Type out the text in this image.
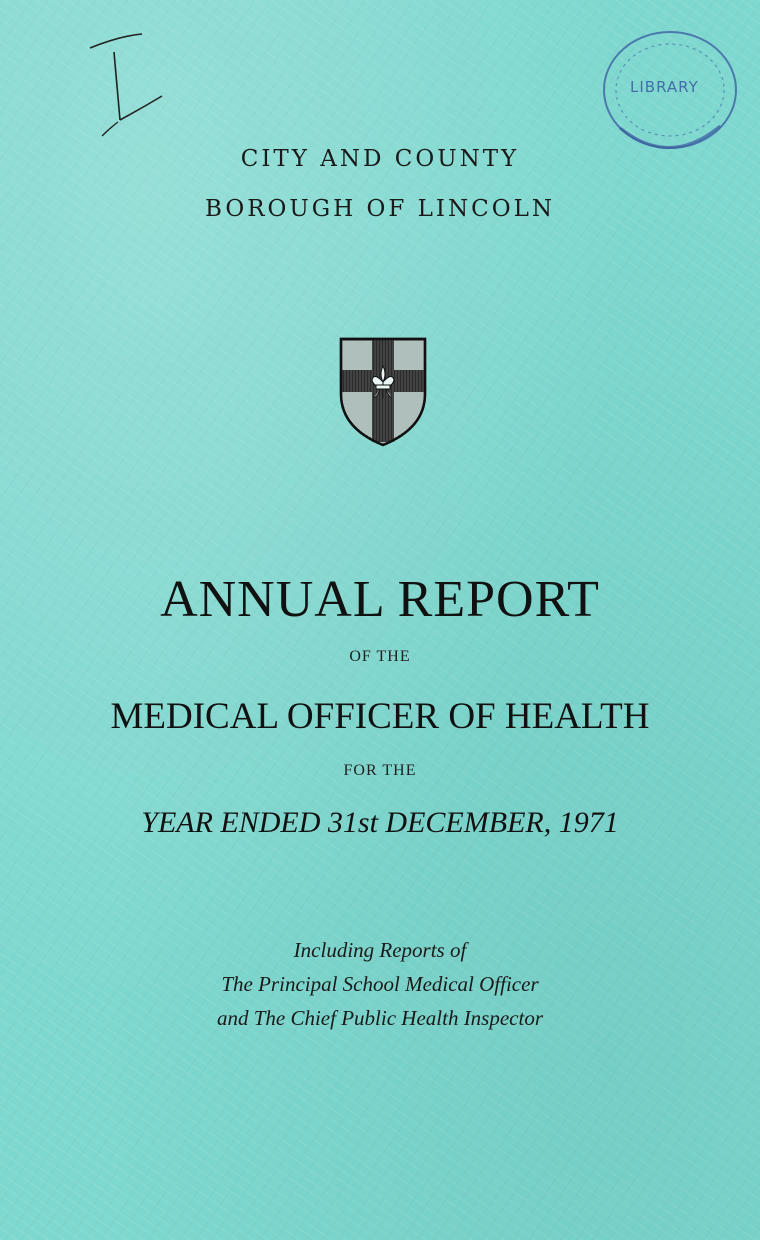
LIBRARY
CITY AND COUNTY
BOROUGH OF LINCOLN
ANNUAL REPORT
OF THE
MEDICAL OFFICER OF HEALTH
FOR THE
YEAR ENDED 31st DECEMBER, 1971
Including Reports of
The Principal School Medical Officer
and The Chief Public Health Inspector
